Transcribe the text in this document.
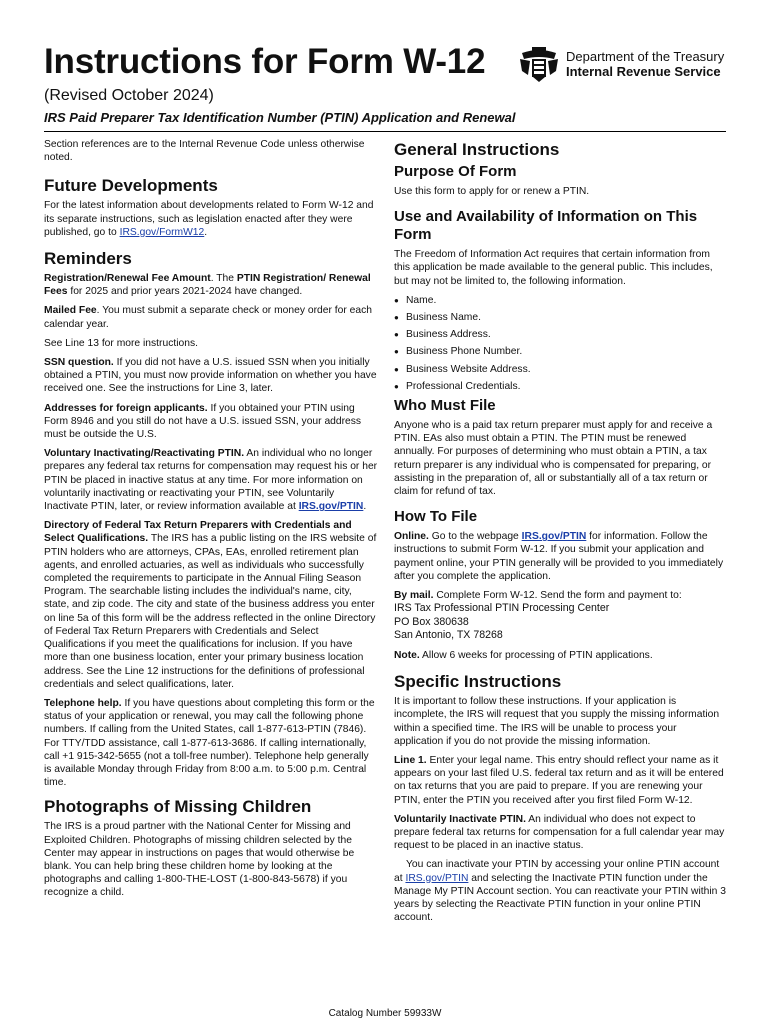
Instructions for Form W-12
(Revised October 2024)
IRS Paid Preparer Tax Identification Number (PTIN) Application and Renewal
Department of the Treasury
Internal Revenue Service

Section references are to the Internal Revenue Code unless otherwise noted.

Future Developments

For the latest information about developments related to Form W-12 and its separate instructions, such as legislation enacted after they were published, go to IRS.gov/FormW12.

Reminders

Registration/Renewal Fee Amount. The PTIN Registration/ Renewal Fees for 2025 and prior years 2021-2024 have changed.

Mailed Fee. You must submit a separate check or money order for each calendar year.

See Line 13 for more instructions.

SSN question. If you did not have a U.S. issued SSN when you initially obtained a PTIN, you must now provide information on whether you have received one. See the instructions for Line 3, later.

Addresses for foreign applicants. If you obtained your PTIN using Form 8946 and you still do not have a U.S. issued SSN, your address must be outside the U.S.

Voluntary Inactivating/Reactivating PTIN. An individual who no longer prepares any federal tax returns for compensation may request his or her PTIN be placed in inactive status at any time. For more information on voluntarily inactivating or reactivating your PTIN, see Voluntarily Inactivate PTIN, later, or review information available at IRS.gov/PTIN.

Directory of Federal Tax Return Preparers with Credentials and Select Qualifications. The IRS has a public listing on the IRS website of PTIN holders who are attorneys, CPAs, EAs, enrolled retirement plan agents, and enrolled actuaries, as well as individuals who successfully completed the requirements to participate in the Annual Filing Season Program. The searchable listing includes the individual's name, city, state, and zip code. The city and state of the business address you enter on line 5a of this form will be the address reflected in the online Directory of Federal Tax Return Preparers with Credentials and Select Qualifications if you meet the qualifications for inclusion. If you have more than one business location, enter your primary business location address. See the Line 12 instructions for the definitions of professional credentials and select qualifications, later.

Telephone help. If you have questions about completing this form or the status of your application or renewal, you may call the following phone numbers. If calling from the United States, call 1-877-613-PTIN (7846). For TTY/TDD assistance, call 1-877-613-3686. If calling internationally, call +1 915-342-5655 (not a toll-free number). Telephone help generally is available Monday through Friday from 8:00 a.m. to 5:00 p.m. Central time.

Photographs of Missing Children

The IRS is a proud partner with the National Center for Missing and Exploited Children. Photographs of missing children selected by the Center may appear in instructions on pages that would otherwise be blank. You can help bring these children home by looking at the photographs and calling 1-800-THE-LOST (1-800-843-5678) if you recognize a child.

General Instructions
Purpose Of Form

Use this form to apply for or renew a PTIN.

Use and Availability of Information on This Form

The Freedom of Information Act requires that certain information from this application be made available to the general public. This includes, but may not be limited to, the following information.

● Name.
● Business Name.
● Business Address.
● Business Phone Number.
● Business Website Address.
● Professional Credentials.
Who Must File

Anyone who is a paid tax return preparer must apply for and receive a PTIN. EAs also must obtain a PTIN. The PTIN must be renewed annually. For purposes of determining who must obtain a PTIN, a tax return preparer is any individual who is compensated for preparing, or assisting in the preparation of, all or substantially all of a tax return or claim for refund of tax.

How To File

Online. Go to the webpage IRS.gov/PTIN for information. Follow the instructions to submit Form W-12. If you submit your application and payment online, your PTIN generally will be provided to you immediately after you complete the application.

By mail. Complete Form W-12. Send the form and payment to:

IRS Tax Professional PTIN Processing Center
PO Box 380638
San Antonio, TX 78268

Note. Allow 6 weeks for processing of PTIN applications.

Specific Instructions

It is important to follow these instructions. If your application is incomplete, the IRS will request that you supply the missing information within a specified time. The IRS will be unable to process your application if you do not provide the missing information.

Line 1. Enter your legal name. This entry should reflect your name as it appears on your last filed U.S. federal tax return and as it will be entered on tax returns that you are paid to prepare. If you are renewing your PTIN, enter the PTIN you received after you first filed Form W-12.

Voluntarily Inactivate PTIN. An individual who does not expect to prepare federal tax returns for compensation for a full calendar year may request to be placed in an inactive status.

You can inactivate your PTIN by accessing your online PTIN account at IRS.gov/PTIN and selecting the Inactivate PTIN function under the Manage My PTIN Account section. You can reactivate your PTIN within 3 years by selecting the Reactivate PTIN function in your online PTIN account.

Catalog Number 59933W
